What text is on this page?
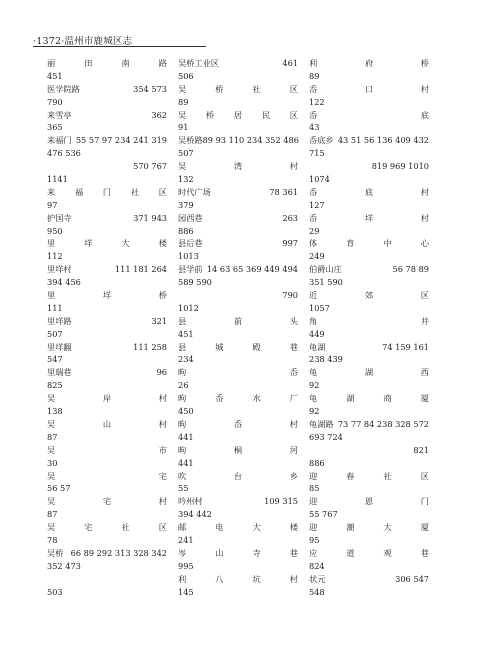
·1372·温州市鹿城区志
丽	田	南	路
451
医学院路	354 573
790
来雪亭	362
365
来福门 55 57 97 234 241 319
476 536
570 767
1141
来 福 门 社 区
97
护国寺	371 943
950
里	垟	大	楼
112
里垟村	111 181 264
394 456
里	垟	桥
111
里垟路	321
507
里垟翻	111 258
547
里瑞巷	96
825
吴	岸	村
138
吴	山	村
87
吴	市
30
吴	宅
56 57
吴	宅	村
87
吴	宅	社	区
78
吴桥 66 89 292 313 328 342
352 473
503
吴桥工业区	461
506
吴	桥	社	区
89
吴 桥 居 民 区
91
吴桥路 89 93 110 234 352 486
507
吴	湾	村
132
时代广场	78 361
379
园西巷	263
886
县后巷	997
1013
县学前 14 63 65 369 449 494
589 590
790
1012
县	前	头
451
县	城	殿	巷
234
昫	岙
26
昫	岙	水	厂
450
昫	岙	村
441
昫	桐	河
441
吹	台	乡
55
吟州村	109 315
394 442
邮	电	大	楼
241
岑	山	寺	巷
995
利	八	坑	村
145
利	府	桥
89
岙	口	村
122
岙	底
43
岙底乡 43 51 56 136 409 432
715
819 969 1010
1074
岙	底	村
127
岙	垟	村
29
体	育	中	心
249
伯爵山庄	56 78 89
351 590
近	郊	区
1057
角	井
449
龟湖	74 159 161
238 439
龟	湖	西
92
龟	湖	商	厦
92
龟湖路 73 77 84 238 328 572
693 724
821
886
迎	春	社	区
85
迎	恩	门
55 767
迎	潮	大	厦
95
应	道	观	巷
824
状元	306 547
548
